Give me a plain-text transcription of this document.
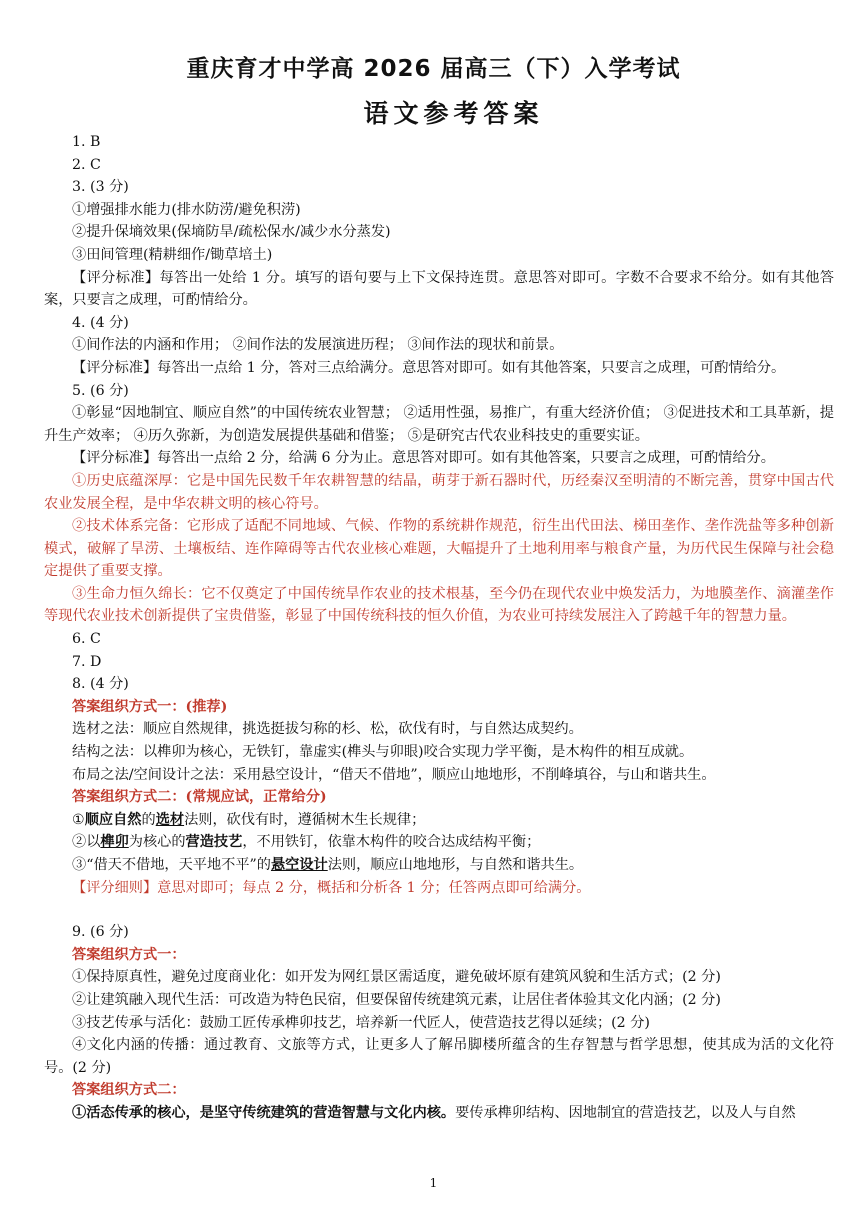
重庆育才中学高 2026 届高三（下）入学考试
语文参考答案
1. B
2. C
3. (3 分)
①增强排水能力(排水防涝/避免积涝)
②提升保墒效果(保墒防旱/疏松保水/减少水分蒸发)
③田间管理(精耕细作/锄草培土)
【评分标准】每答出一处给 1 分。填写的语句要与上下文保持连贯。意思答对即可。字数不合要求不给分。如有其他答案，只要言之成理，可酌情给分。
4. (4 分)
①间作法的内涵和作用； ②间作法的发展演进历程； ③间作法的现状和前景。
【评分标准】每答出一点给 1 分，答对三点给满分。意思答对即可。如有其他答案，只要言之成理，可酌情给分。
5. (6 分)
①彰显“因地制宜、顺应自然”的中国传统农业智慧； ②适用性强，易推广，有重大经济价值； ③促进技术和工具革新，提升生产效率； ④历久弥新，为创造发展提供基础和借鉴； ⑤是研究古代农业科技史的重要实证。
【评分标准】每答出一点给 2 分，给满 6 分为止。意思答对即可。如有其他答案，只要言之成理，可酌情给分。
①历史底蕴深厚：它是中国先民数千年农耕智慧的结晶，萌芽于新石器时代，历经秦汉至明清的不断完善，贯穿中国古代农业发展全程，是中华农耕文明的核心符号。
②技术体系完备：它形成了适配不同地域、气候、作物的系统耕作规范，衍生出代田法、梯田垄作、垄作洗盐等多种创新模式，破解了旱涝、土壤板结、连作障碍等古代农业核心难题，大幅提升了土地利用率与粮食产量，为历代民生保障与社会稳定提供了重要支撑。
③生命力恒久绵长：它不仅奠定了中国传统旱作农业的技术根基，至今仍在现代农业中焕发活力，为地膜垄作、滴灌垄作等现代农业技术创新提供了宝贵借鉴，彰显了中国传统科技的恒久价值，为农业可持续发展注入了跨越千年的智慧力量。
6. C
7. D
8. (4 分)
答案组织方式一：(推荐)
选材之法：顺应自然规律，挑选挺拔匀称的杉、松，砍伐有时，与自然达成契约。
结构之法：以榫卯为核心，无铁钉，靠虚实(榫头与卯眼)咬合实现力学平衡，是木构件的相互成就。
布局之法/空间设计之法：采用悬空设计，“借天不借地”，顺应山地地形，不削峰填谷，与山和谐共生。
答案组织方式二：(常规应试，正常给分)
①顺应自然的选材法则，砍伐有时，遵循树木生长规律；
②以榫卯为核心的营造技艺，不用铁钉，依靠木构件的咬合达成结构平衡；
③“借天不借地，天平地不平”的悬空设计法则，顺应山地地形，与自然和谐共生。
【评分细则】意思对即可；每点 2 分，概括和分析各 1 分；任答两点即可给满分。
9. (6 分)
答案组织方式一：
①保持原真性，避免过度商业化：如开发为网红景区需适度，避免破坏原有建筑风貌和生活方式；(2 分)
②让建筑融入现代生活：可改造为特色民宿，但要保留传统建筑元素，让居住者体验其文化内涵；(2 分)
③技艺传承与活化：鼓励工匠传承榫卯技艺，培养新一代匠人，使营造技艺得以延续；(2 分)
④文化内涵的传播：通过教育、文旅等方式，让更多人了解吊脚楼所蕴含的生存智慧与哲学思想，使其成为活的文化符号。(2 分)
答案组织方式二：
①活态传承的核心，是坚守传统建筑的营造智慧与文化内核。要传承榫卯结构、因地制宜的营造技艺，以及人与自然
1
